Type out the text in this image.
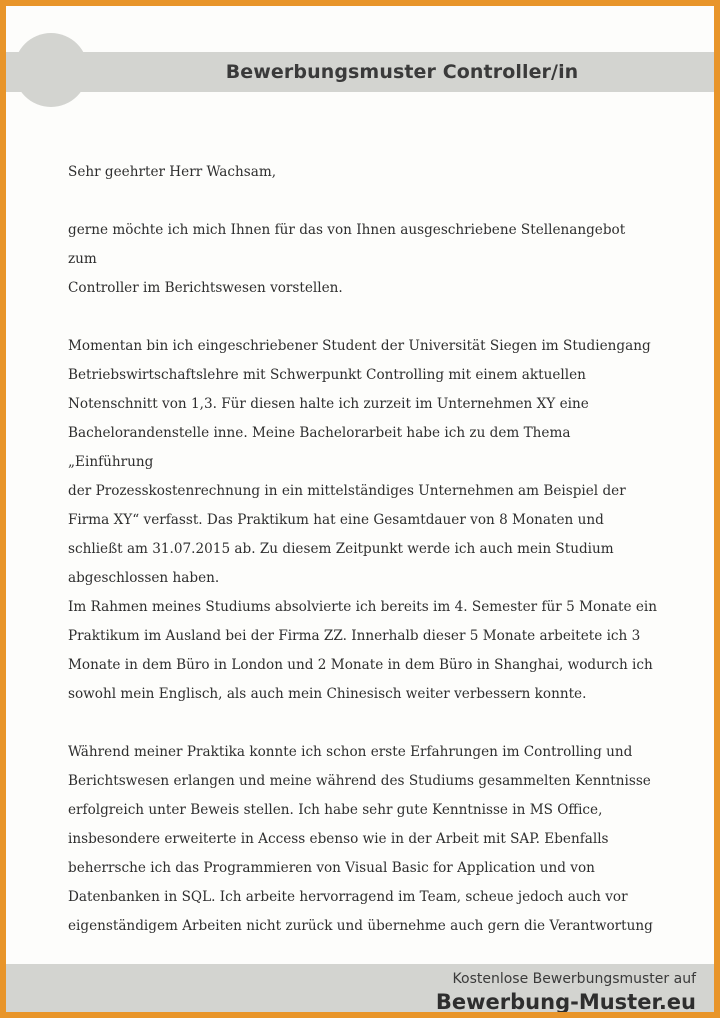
Bewerbungsmuster Controller/in

Sehr geehrter Herr Wachsam,

gerne möchte ich mich Ihnen für das von Ihnen ausgeschriebene Stellenangebot zum
Controller im Berichtswesen vorstellen.

Momentan bin ich eingeschriebener Student der Universität Siegen im Studiengang
Betriebswirtschaftslehre mit Schwerpunkt Controlling mit einem aktuellen
Notenschnitt von 1,3. Für diesen halte ich zurzeit im Unternehmen XY eine
Bachelorandenstelle inne. Meine Bachelorarbeit habe ich zu dem Thema „Einführung
der Prozesskostenrechnung in ein mittelständiges Unternehmen am Beispiel der
Firma XY“ verfasst. Das Praktikum hat eine Gesamtdauer von 8 Monaten und
schließt am 31.07.2015 ab. Zu diesem Zeitpunkt werde ich auch mein Studium
abgeschlossen haben.

Im Rahmen meines Studiums absolvierte ich bereits im 4. Semester für 5 Monate ein
Praktikum im Ausland bei der Firma ZZ. Innerhalb dieser 5 Monate arbeitete ich 3
Monate in dem Büro in London und 2 Monate in dem Büro in Shanghai, wodurch ich
sowohl mein Englisch, als auch mein Chinesisch weiter verbessern konnte.

Während meiner Praktika konnte ich schon erste Erfahrungen im Controlling und
Berichtswesen erlangen und meine während des Studiums gesammelten Kenntnisse
erfolgreich unter Beweis stellen. Ich habe sehr gute Kenntnisse in MS Office,
insbesondere erweiterte in Access ebenso wie in der Arbeit mit SAP. Ebenfalls
beherrsche ich das Programmieren von Visual Basic for Application und von
Datenbanken in SQL. Ich arbeite hervorragend im Team, scheue jedoch auch vor
eigenständigem Arbeiten nicht zurück und übernehme auch gern die Verantwortung

Kostenlose Bewerbungsmuster auf
Bewerbung-Muster.eu
